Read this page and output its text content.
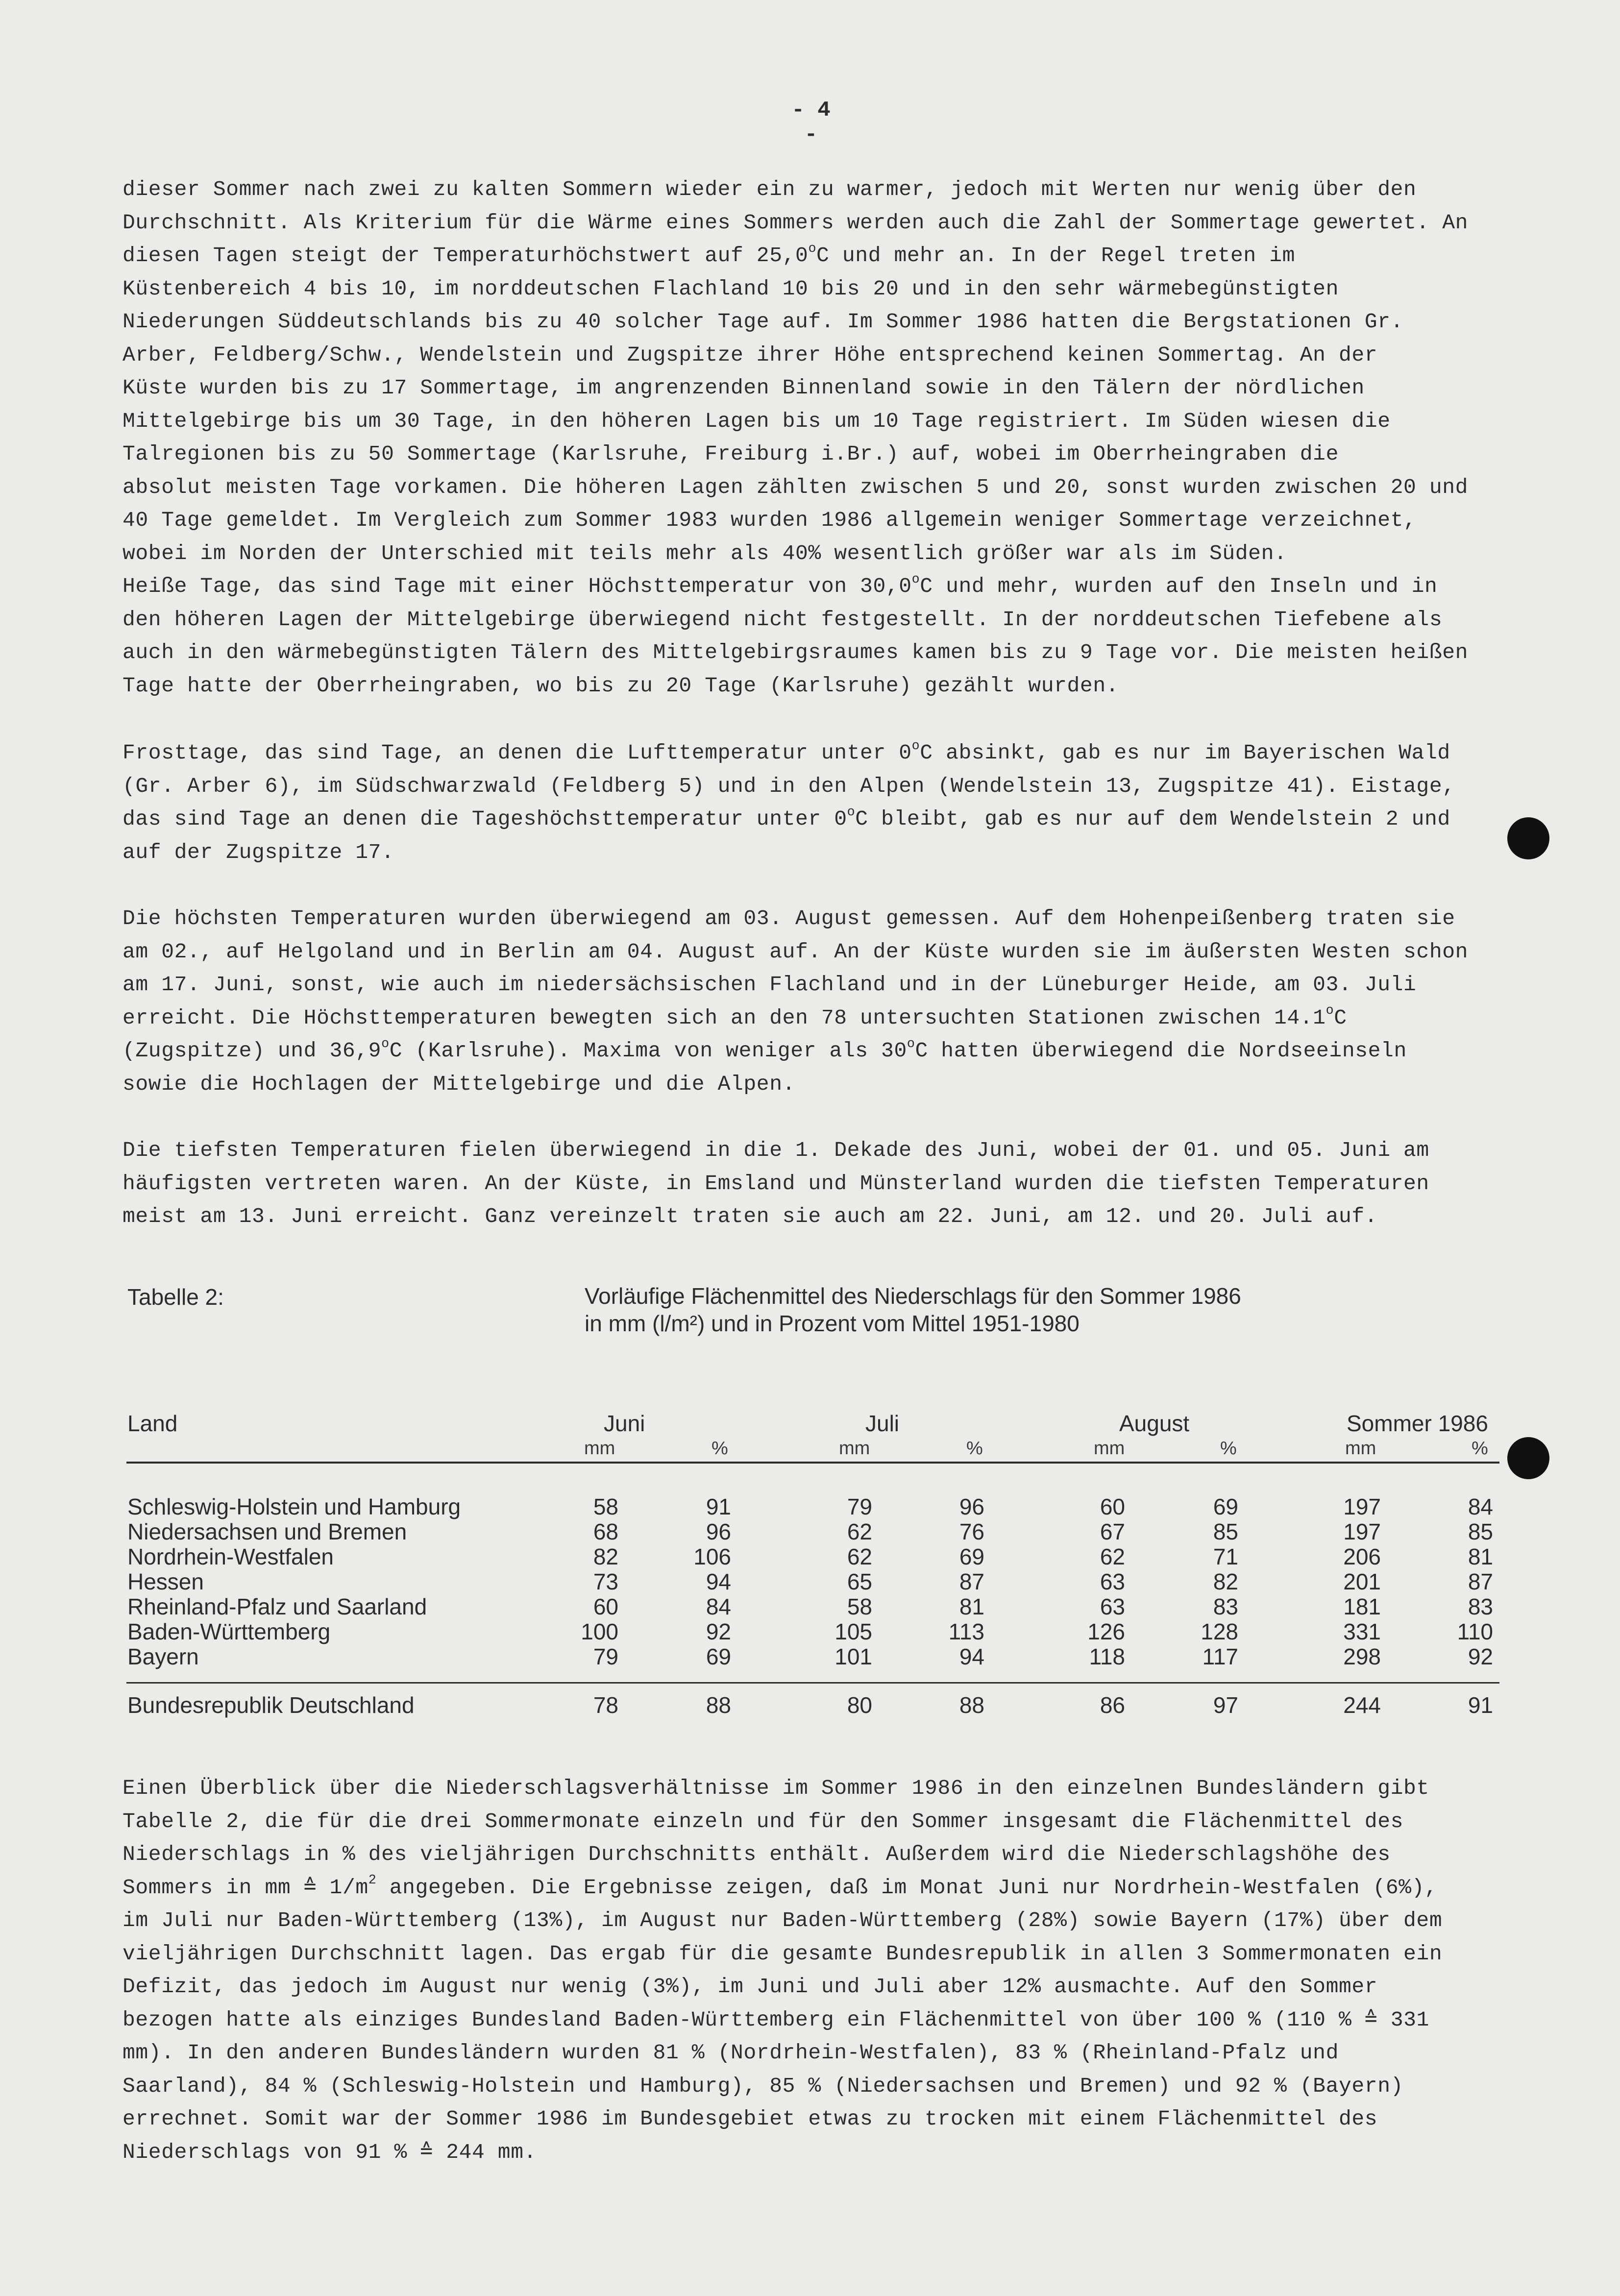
- 4 -

dieser Sommer nach zwei zu kalten Sommern wieder ein zu warmer, jedoch mit Werten nur wenig über den
Durchschnitt. Als Kriterium für die Wärme eines Sommers werden auch die Zahl der Sommertage gewertet. An
diesen Tagen steigt der Temperaturhöchstwert auf 25,0$^o$C und mehr an. In der Regel treten im
Küstenbereich 4 bis 10, im norddeutschen Flachland 10 bis 20 und in den sehr wärmebegünstigten
Niederungen Süddeutschlands bis zu 40 solcher Tage auf. Im Sommer 1986 hatten die Bergstationen Gr.
Arber, Feldberg/Schw., Wendelstein und Zugspitze ihrer Höhe entsprechend keinen Sommertag. An der
Küste wurden bis zu 17 Sommertage, im angrenzenden Binnenland sowie in den Tälern der nördlichen
Mittelgebirge bis um 30 Tage, in den höheren Lagen bis um 10 Tage registriert. Im Süden wiesen die
Talregionen bis zu 50 Sommertage (Karlsruhe, Freiburg i.Br.) auf, wobei im Oberrheingraben die
absolut meisten Tage vorkamen. Die höheren Lagen zählten zwischen 5 und 20, sonst wurden zwischen 20 und
40 Tage gemeldet. Im Vergleich zum Sommer 1983 wurden 1986 allgemein weniger Sommertage verzeichnet,
wobei im Norden der Unterschied mit teils mehr als 40% wesentlich größer war als im Süden.
Heiße Tage, das sind Tage mit einer Höchsttemperatur von 30,0$^o$C und mehr, wurden auf den Inseln und in
den höheren Lagen der Mittelgebirge überwiegend nicht festgestellt. In der norddeutschen Tiefebene als
auch in den wärmebegünstigten Tälern des Mittelgebirgsraumes kamen bis zu 9 Tage vor. Die meisten heißen
Tage hatte der Oberrheingraben, wo bis zu 20 Tage (Karlsruhe) gezählt wurden.

Frosttage, das sind Tage, an denen die Lufttemperatur unter 0$^o$C absinkt, gab es nur im Bayerischen Wald
(Gr. Arber 6), im Südschwarzwald (Feldberg 5) und in den Alpen (Wendelstein 13, Zugspitze 41). Eistage,
das sind Tage an denen die Tageshöchsttemperatur unter 0$^o$C bleibt, gab es nur auf dem Wendelstein 2 und
auf der Zugspitze 17.

Die höchsten Temperaturen wurden überwiegend am 03. August gemessen. Auf dem Hohenpeißenberg traten sie
am 02., auf Helgoland und in Berlin am 04. August auf. An der Küste wurden sie im äußersten Westen schon
am 17. Juni, sonst, wie auch im niedersächsischen Flachland und in der Lüneburger Heide, am 03. Juli
erreicht. Die Höchsttemperaturen bewegten sich an den 78 untersuchten Stationen zwischen 14.1$^o$C
(Zugspitze) und 36,9$^o$C (Karlsruhe). Maxima von weniger als 30$^o$C hatten überwiegend die Nordseeinseln
sowie die Hochlagen der Mittelgebirge und die Alpen.

Die tiefsten Temperaturen fielen überwiegend in die 1. Dekade des Juni, wobei der 01. und 05. Juni am
häufigsten vertreten waren. An der Küste, in Emsland und Münsterland wurden die tiefsten Temperaturen
meist am 13. Juni erreicht. Ganz vereinzelt traten sie auch am 22. Juni, am 12. und 20. Juli auf.

Tabelle 2:	Vorläufige Flächenmittel des Niederschlags für den Sommer 1986
in mm (l/m²) und in Prozent vom Mittel 1951-1980
Land	Juni	Juli	August	Sommer 1986
mm	%	mm	%	mm	%	mm	%
Schleswig-Holstein und Hamburg	58	91	79	96	60	69	197	84
Niedersachsen und Bremen	68	96	62	76	67	85	197	85
Nordrhein-Westfalen	82	106	62	69	62	71	206	81
Hessen	73	94	65	87	63	82	201	87
Rheinland-Pfalz und Saarland	60	84	58	81	63	83	181	83
Baden-Württemberg	100	92	105	113	126	128	331	110
Bayern	79	69	101	94	118	117	298	92
Bundesrepublik Deutschland	78	88	80	88	86	97	244	91

Einen Überblick über die Niederschlagsverhältnisse im Sommer 1986 in den einzelnen Bundesländern gibt
Tabelle 2, die für die drei Sommermonate einzeln und für den Sommer insgesamt die Flächenmittel des
Niederschlags in % des vieljährigen Durchschnitts enthält. Außerdem wird die Niederschlagshöhe des
Sommers in mm ≙ $1/m^2$ angegeben. Die Ergebnisse zeigen, daß im Monat Juni nur Nordrhein-Westfalen (6%),
im Juli nur Baden-Württemberg (13%), im August nur Baden-Württemberg (28%) sowie Bayern (17%) über dem
vieljährigen Durchschnitt lagen. Das ergab für die gesamte Bundesrepublik in allen 3 Sommermonaten ein
Defizit, das jedoch im August nur wenig (3%), im Juni und Juli aber 12% ausmachte. Auf den Sommer
bezogen hatte als einziges Bundesland Baden-Württemberg ein Flächenmittel von über 100 % (110 % ≙ 331
mm). In den anderen Bundesländern wurden 81 % (Nordrhein-Westfalen), 83 % (Rheinland-Pfalz und
Saarland), 84 % (Schleswig-Holstein und Hamburg), 85 % (Niedersachsen und Bremen) und 92 % (Bayern)
errechnet. Somit war der Sommer 1986 im Bundesgebiet etwas zu trocken mit einem Flächenmittel des
Niederschlags von 91 % ≙ 244 mm.
